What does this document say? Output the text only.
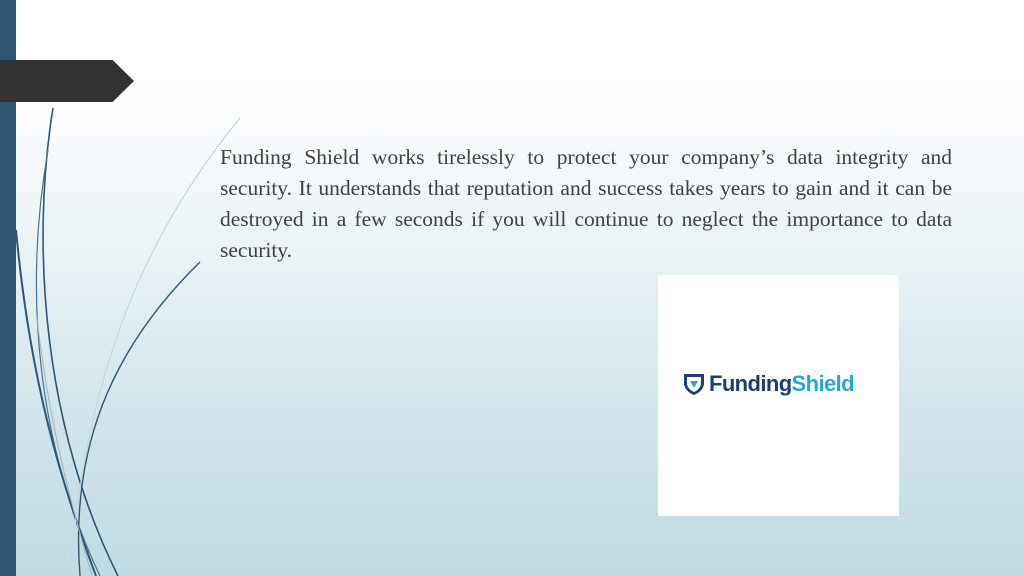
Funding Shield works tirelessly to protect your company’s data integrity and security. It understands that reputation and success takes years to gain and it can be destroyed in a few seconds if you will continue to neglect the importance to data security.

FundingShield
